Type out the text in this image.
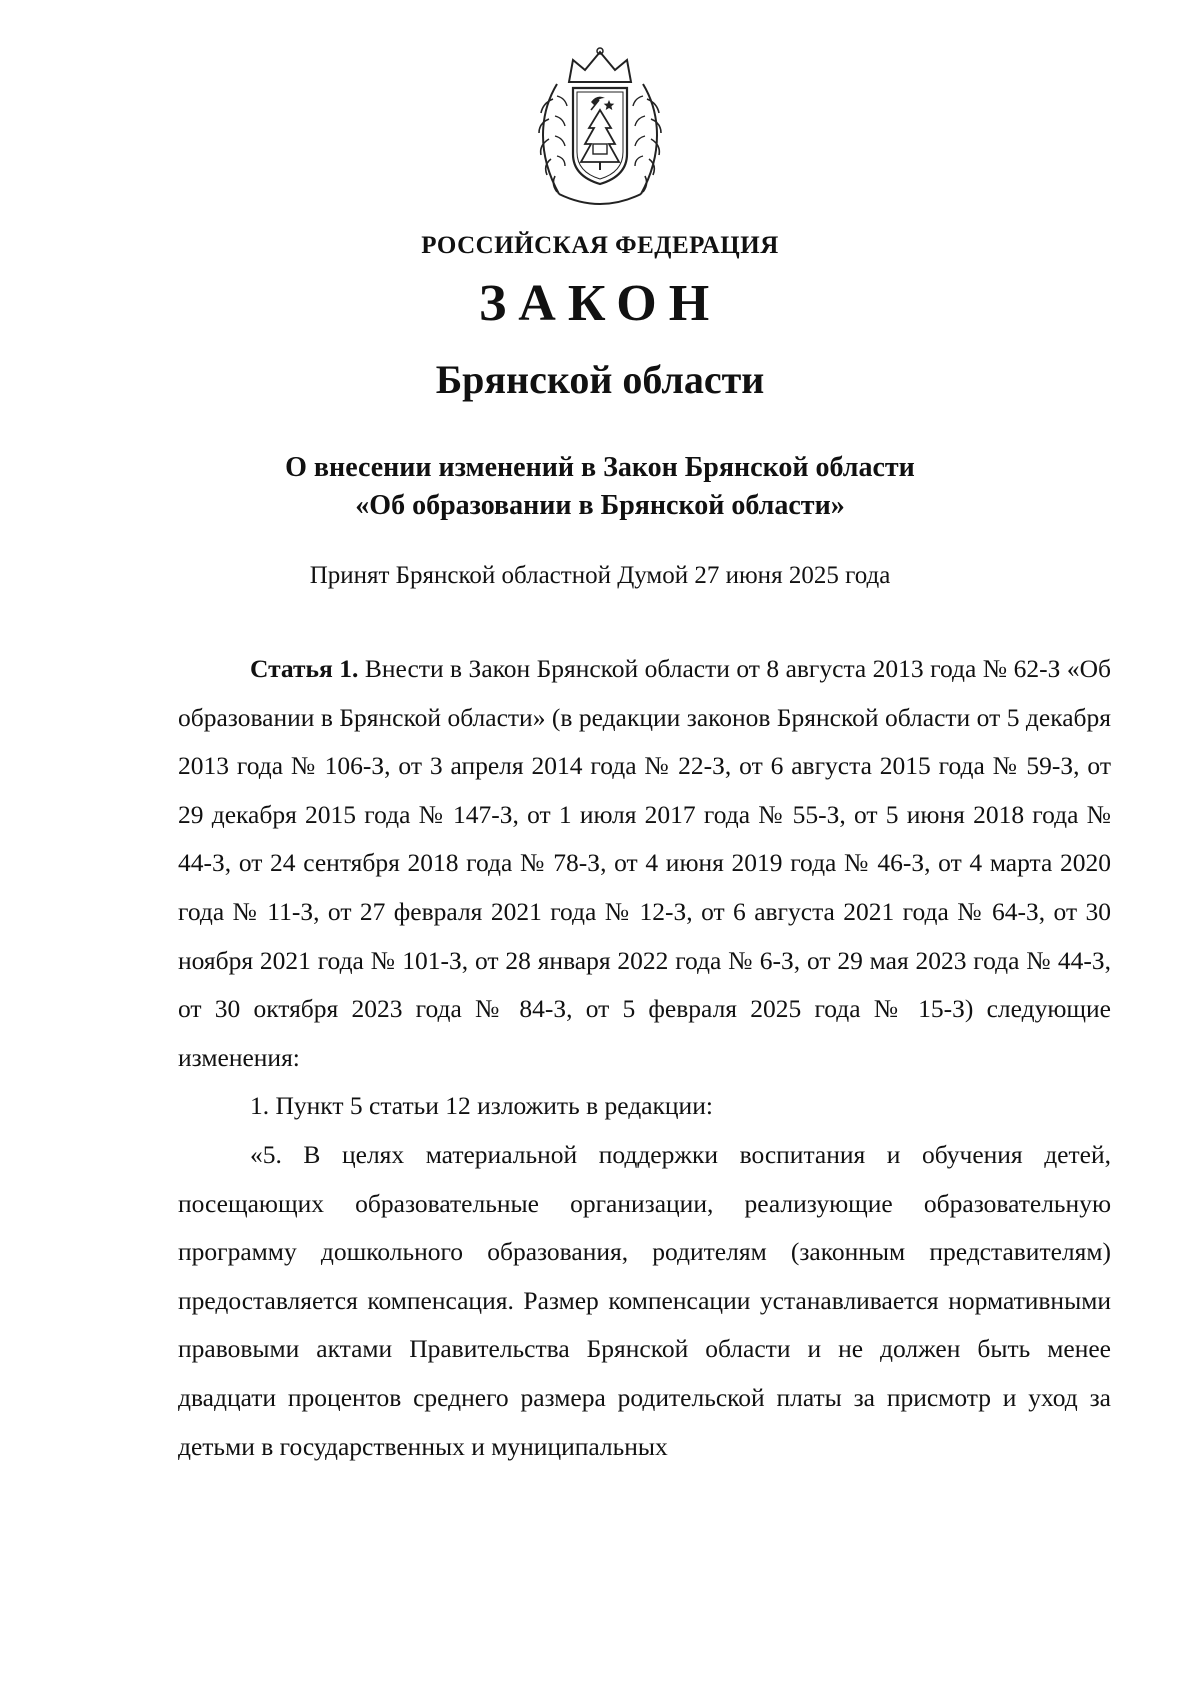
РОССИЙСКАЯ ФЕДЕРАЦИЯ
ЗАКОН
Брянской области
О внесении изменений в Закон Брянской области
«Об образовании в Брянской области»
Принят Брянской областной Думой 27 июня 2025 года

Статья 1. Внести в Закон Брянской области от 8 августа 2013 года № 62-З «Об образовании в Брянской области» (в редакции законов Брянской области от 5 декабря 2013 года № 106-З, от 3 апреля 2014 года № 22-З, от 6 августа 2015 года № 59-З, от 29 декабря 2015 года № 147-З, от 1 июля 2017 года № 55-З, от 5 июня 2018 года № 44-З, от 24 сентября 2018 года № 78-З, от 4 июня 2019 года № 46-З, от 4 марта 2020 года № 11-З, от 27 февраля 2021 года № 12-З, от 6 августа 2021 года № 64-З, от 30 ноября 2021 года № 101-З, от 28 января 2022 года № 6-З, от 29 мая 2023 года № 44-З, от 30 октября 2023 года № 84-З, от 5 февраля 2025 года № 15-З) следующие изменения:

1. Пункт 5 статьи 12 изложить в редакции:

«5. В целях материальной поддержки воспитания и обучения детей, посещающих образовательные организации, реализующие образовательную программу дошкольного образования, родителям (законным представителям) предоставляется компенсация. Размер компенсации устанавливается нормативными правовыми актами Правительства Брянской области и не должен быть менее двадцати процентов среднего размера родительской платы за присмотр и уход за детьми в государственных и муниципальных
